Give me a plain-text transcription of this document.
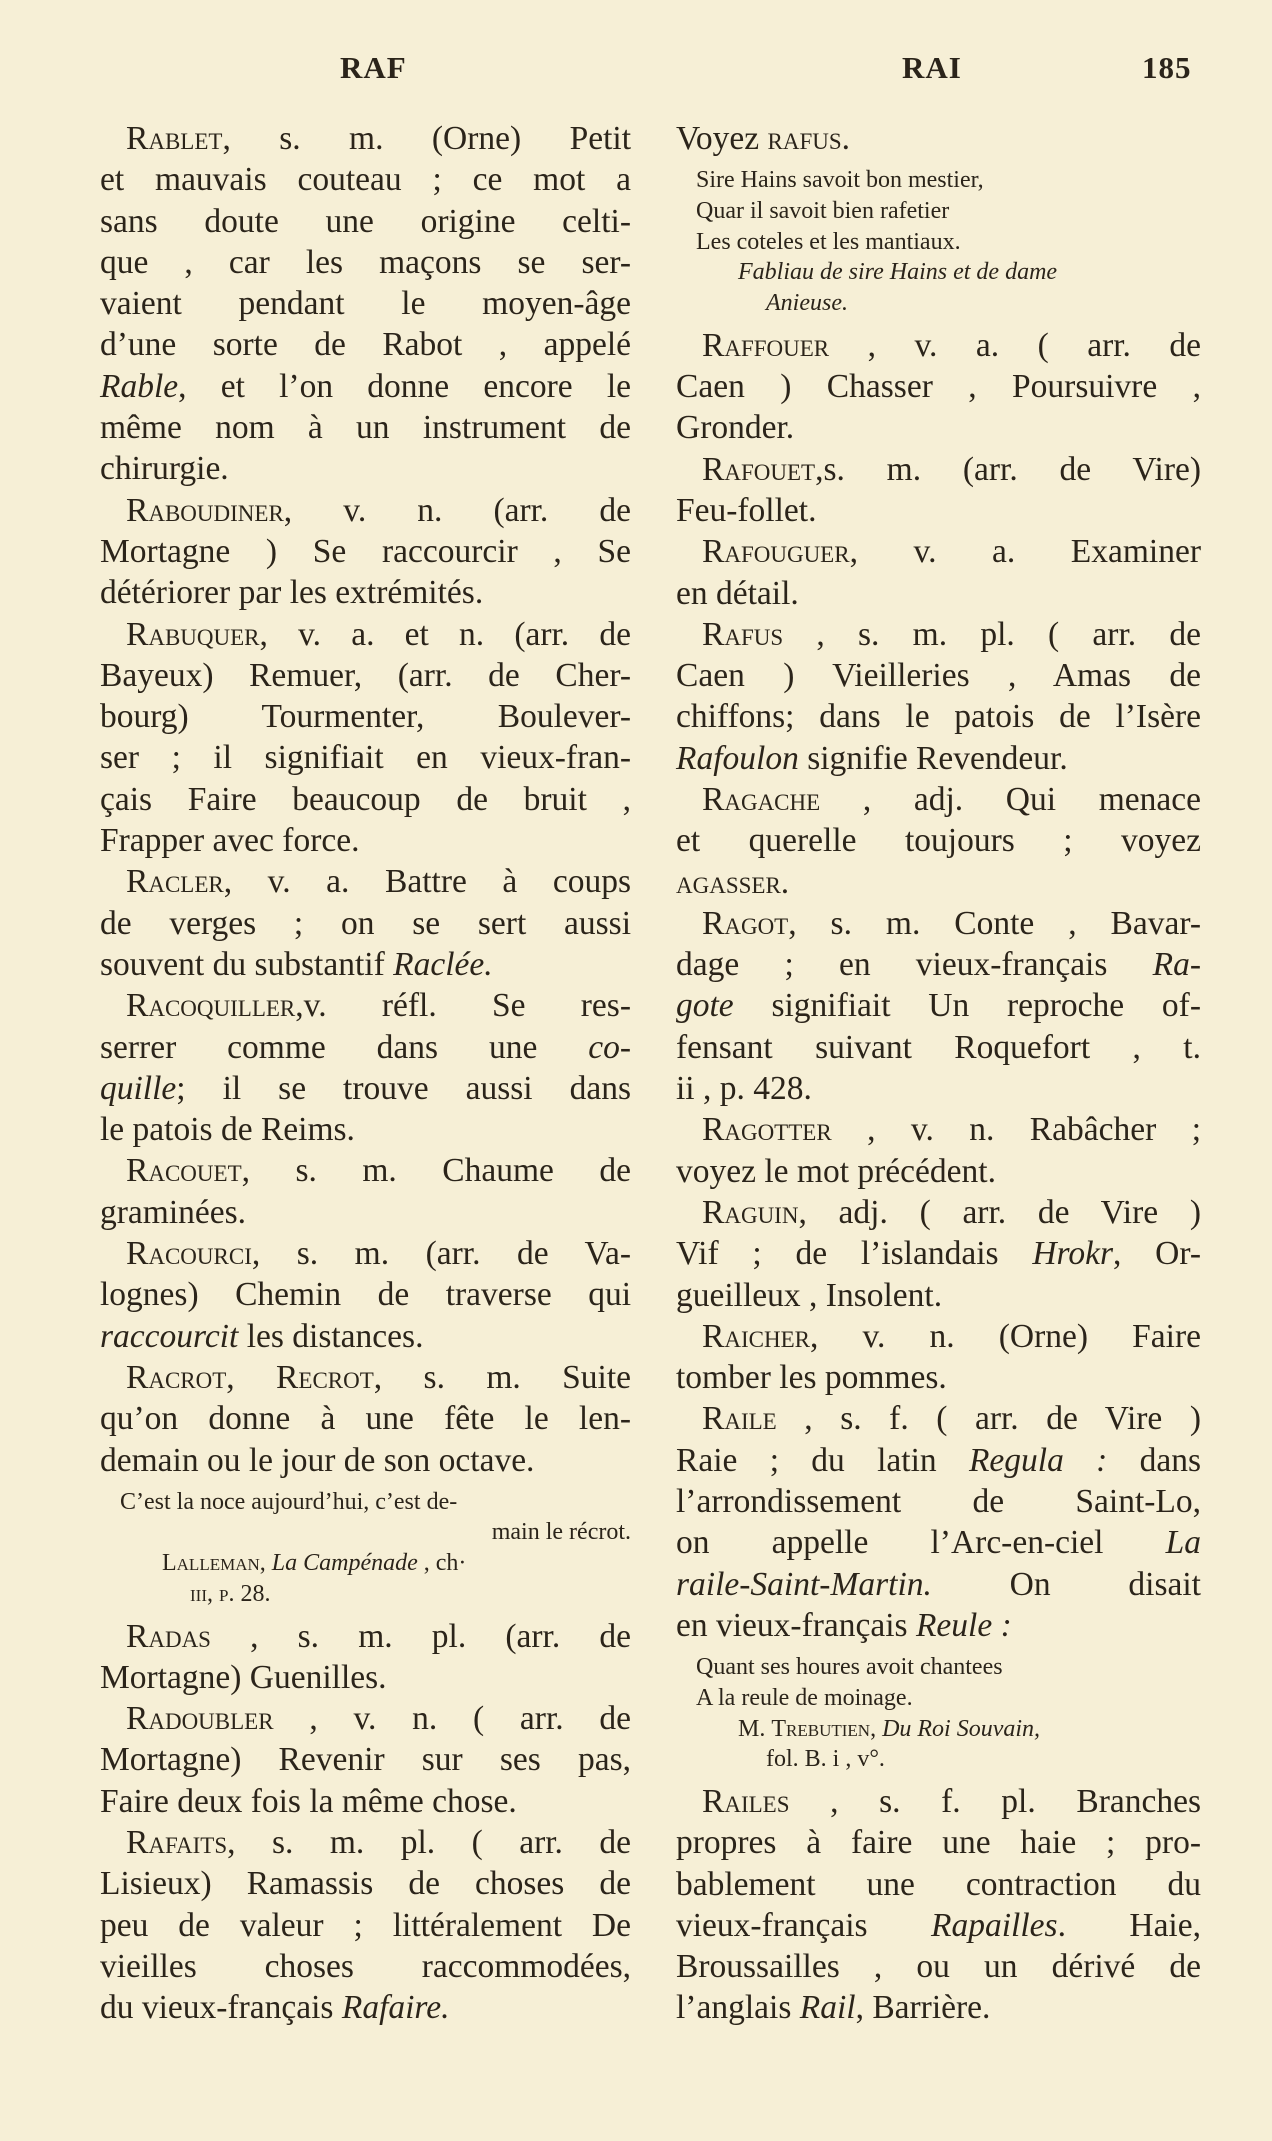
RAF	RAI	185
Rablet, s. m. (Orne) Petit
et mauvais couteau ; ce mot a
sans doute une origine celti-
que , car les maçons se ser-
vaient pendant le moyen-âge
d’une sorte de Rabot , appelé
Rable, et l’on donne encore le
même nom à un instrument de
chirurgie.
Raboudiner, v. n. (arr. de
Mortagne ) Se raccourcir , Se
détériorer par les extrémités.
Rabuquer, v. a. et n. (arr. de
Bayeux) Remuer, (arr. de Cher-
bourg) Tourmenter, Boulever-
ser ; il signifiait en vieux-fran-
çais Faire beaucoup de bruit ,
Frapper avec force.
Racler, v. a. Battre à coups
de verges ; on se sert aussi
souvent du substantif Raclée.
Racoquiller,v. réfl. Se res-
serrer comme dans une co-
quille; il se trouve aussi dans
le patois de Reims.
Racouet, s. m. Chaume de
graminées.
Racourci, s. m. (arr. de Va-
lognes) Chemin de traverse qui
raccourcit les distances.
Racrot, Recrot, s. m. Suite
qu’on donne à une fête le len-
demain ou le jour de son octave.
C’est la noce aujourd’hui, c’est de-
main le récrot.
Lalleman, La Campénade , ch·
iii, p. 28.
Radas , s. m. pl. (arr. de
Mortagne) Guenilles.
Radoubler , v. n. ( arr. de
Mortagne) Revenir sur ses pas,
Faire deux fois la même chose.
Rafaits, s. m. pl. ( arr. de
Lisieux) Ramassis de choses de
peu de valeur ; littéralement De
vieilles choses raccommodées,
du vieux-français Rafaire.
Voyez rafus.
Sire Hains savoit bon mestier,
Quar il savoit bien rafetier
Les coteles et les mantiaux.
Fabliau de sire Hains et de dame
Anieuse.
Raffouer , v. a. ( arr. de
Caen ) Chasser , Poursuivre ,
Gronder.
Rafouet,s. m. (arr. de Vire)
Feu-follet.
Rafouguer, v. a. Examiner
en détail.
Rafus , s. m. pl. ( arr. de
Caen ) Vieilleries , Amas de
chiffons; dans le patois de l’Isère
Rafoulon signifie Revendeur.
Ragache , adj. Qui menace
et querelle toujours ; voyez
agasser.
Ragot, s. m. Conte , Bavar-
dage ; en vieux-français Ra-
gote signifiait Un reproche of-
fensant suivant Roquefort , t.
ii , p. 428.
Ragotter , v. n. Rabâcher ;
voyez le mot précédent.
Raguin, adj. ( arr. de Vire )
Vif ; de l’islandais Hrokr, Or-
gueilleux , Insolent.
Raicher, v. n. (Orne) Faire
tomber les pommes.
Raile , s. f. ( arr. de Vire )
Raie ; du latin Regula : dans
l’arrondissement de Saint-Lo,
on appelle l’Arc-en-ciel La
raile-Saint-Martin. On disait
en vieux-français Reule :
Quant ses houres avoit chantees
A la reule de moinage.
M. Trebutien, Du Roi Souvain,
fol. B. i , v°.
Railes , s. f. pl. Branches
propres à faire une haie ; pro-
bablement une contraction du
vieux-français Rapailles. Haie,
Broussailles , ou un dérivé de
l’anglais Rail, Barrière.
